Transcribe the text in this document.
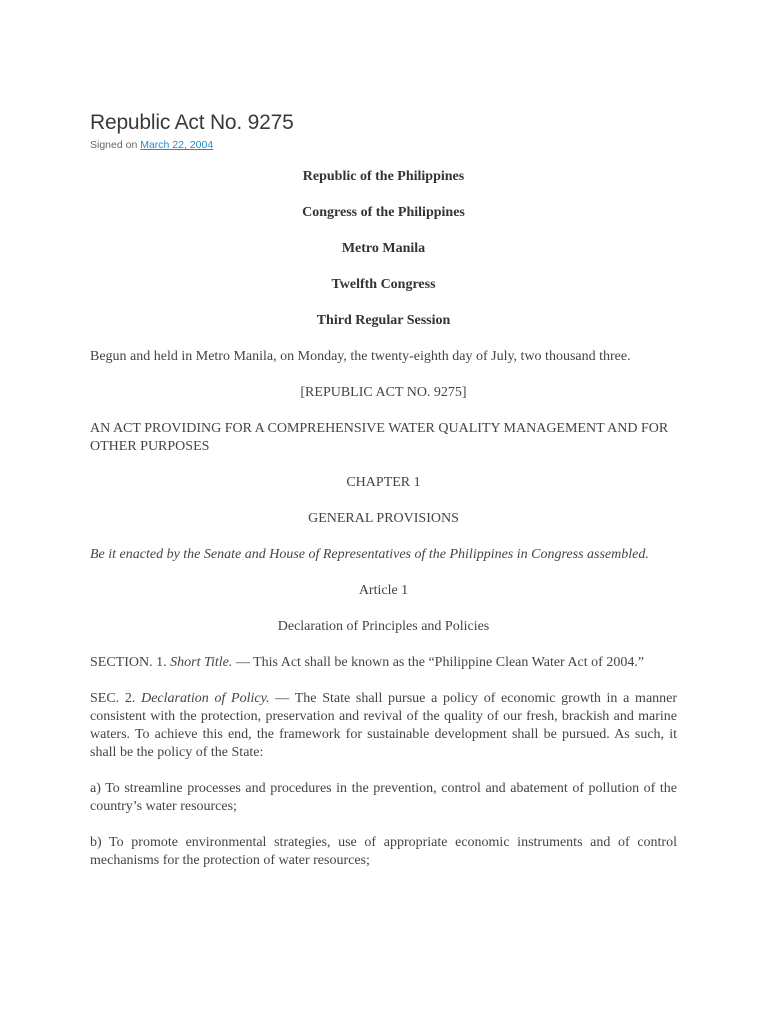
Republic Act No. 9275
Signed on March 22, 2004

Republic of the Philippines

Congress of the Philippines

Metro Manila

Twelfth Congress

Third Regular Session

Begun and held in Metro Manila, on Monday, the twenty-eighth day of July, two thousand three.

[REPUBLIC ACT NO. 9275]

AN ACT PROVIDING FOR A COMPREHENSIVE WATER QUALITY MANAGEMENT AND FOR OTHER PURPOSES

CHAPTER 1

GENERAL PROVISIONS

Be it enacted by the Senate and House of Representatives of the Philippines in Congress assembled.

Article 1

Declaration of Principles and Policies

SECTION. 1. Short Title. — This Act shall be known as the “Philippine Clean Water Act of 2004.”

SEC. 2. Declaration of Policy. — The State shall pursue a policy of economic growth in a manner consistent with the protection, preservation and revival of the quality of our fresh, brackish and marine waters. To achieve this end, the framework for sustainable development shall be pursued. As such, it shall be the policy of the State:

a) To streamline processes and procedures in the prevention, control and abatement of pollution of the country’s water resources;

b) To promote environmental strategies, use of appropriate economic instruments and of control mechanisms for the protection of water resources;
